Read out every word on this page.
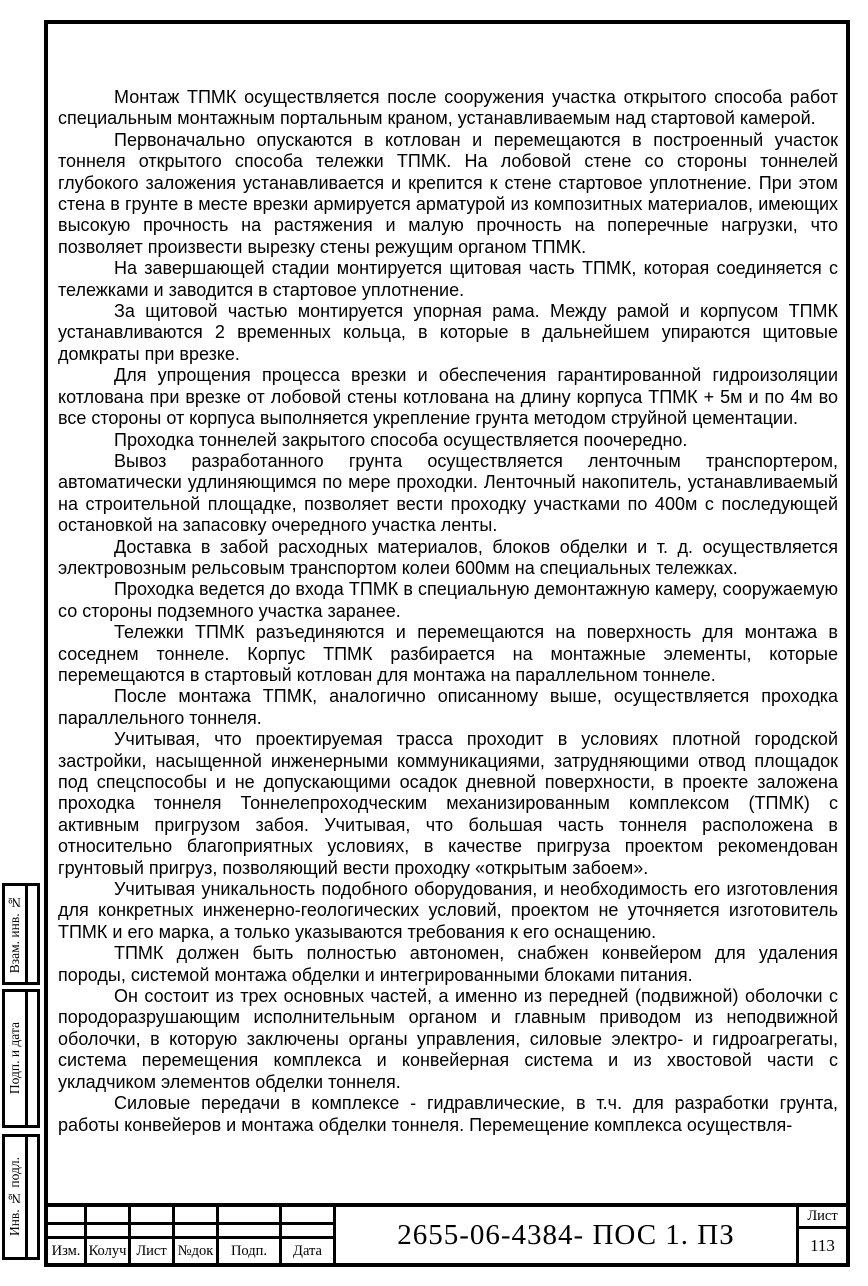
Монтаж ТПМК осуществляется после сооружения участка открытого способа работ специальным монтажным портальным краном, устанавливаемым над стартовой камерой.

Первоначально опускаются в котлован и перемещаются в построенный участок тоннеля открытого способа тележки ТПМК. На лобовой стене со стороны тоннелей глубокого заложения устанавливается и крепится к стене стартовое уплотнение. При этом стена в грунте в месте врезки армируется арматурой из композитных материалов, имеющих высокую прочность на растяжения и малую прочность на поперечные нагрузки, что позволяет произвести вырезку стены режущим органом ТПМК.

На завершающей стадии монтируется щитовая часть ТПМК, которая соединяется с тележками и заводится в стартовое уплотнение.

За щитовой частью монтируется упорная рама. Между рамой и корпусом ТПМК устанавливаются 2 временных кольца, в которые в дальнейшем упираются щитовые домкраты при врезке.

Для упрощения процесса врезки и обеспечения гарантированной гидроизоляции котлована при врезке от лобовой стены котлована на длину корпуса ТПМК + 5м и по 4м во все стороны от корпуса выполняется укрепление грунта методом струйной цементации.

Проходка тоннелей закрытого способа осуществляется поочередно.

Вывоз разработанного грунта осуществляется ленточным транспортером, автоматически удлиняющимся по мере проходки. Ленточный накопитель, устанавливаемый на строительной площадке, позволяет вести проходку участками по 400м с последующей остановкой на запасовку очередного участка ленты.

Доставка в забой расходных материалов, блоков обделки и т. д. осуществляется электровозным рельсовым транспортом колеи 600мм на специальных тележках.

Проходка ведется до входа ТПМК в специальную демонтажную камеру, сооружаемую со стороны подземного участка заранее.

Тележки ТПМК разъединяются и перемещаются на поверхность для монтажа в соседнем тоннеле. Корпус ТПМК разбирается на монтажные элементы, которые перемещаются в стартовый котлован для монтажа на параллельном тоннеле.

После монтажа ТПМК, аналогично описанному выше, осуществляется проходка параллельного тоннеля.

Учитывая, что проектируемая трасса проходит в условиях плотной городской застройки, насыщенной инженерными коммуникациями, затрудняющими отвод площадок под спецспособы и не допускающими осадок дневной поверхности, в проекте заложена проходка тоннеля Тоннелепроходческим механизированным комплексом (ТПМК) с активным пригрузом забоя. Учитывая, что большая часть тоннеля расположена в относительно благоприятных условиях, в качестве пригруза проектом рекомендован грунтовый пригруз, позволяющий вести проходку «открытым забоем».

Учитывая уникальность подобного оборудования, и необходимость его изготовления для конкретных инженерно-геологических условий, проектом не уточняется изготовитель ТПМК и его марка, а только указываются требования к его оснащению.

ТПМК должен быть полностью автономен, снабжен конвейером для удаления породы, системой монтажа обделки и интегрированными блоками питания.

Он состоит из трех основных частей, а именно из передней (подвижной) оболочки с породоразрушающим исполнительным органом и главным приводом из неподвижной оболочки, в которую заключены органы управления, силовые электро- и гидроагрегаты, система перемещения комплекса и конвейерная система и из хвостовой части с укладчиком элементов обделки тоннеля.

Силовые передачи в комплексе - гидравлические, в т.ч. для разработки грунта, работы конвейеров и монтажа обделки тоннеля. Перемещение комплекса осуществля-

Взам. инв. №
Подп. и дата
Инв. № подл.
Изм. Колуч Лист №док	Подп.	Дата	2655-06-4384- ПОС 1. ПЗ
Лист
113
